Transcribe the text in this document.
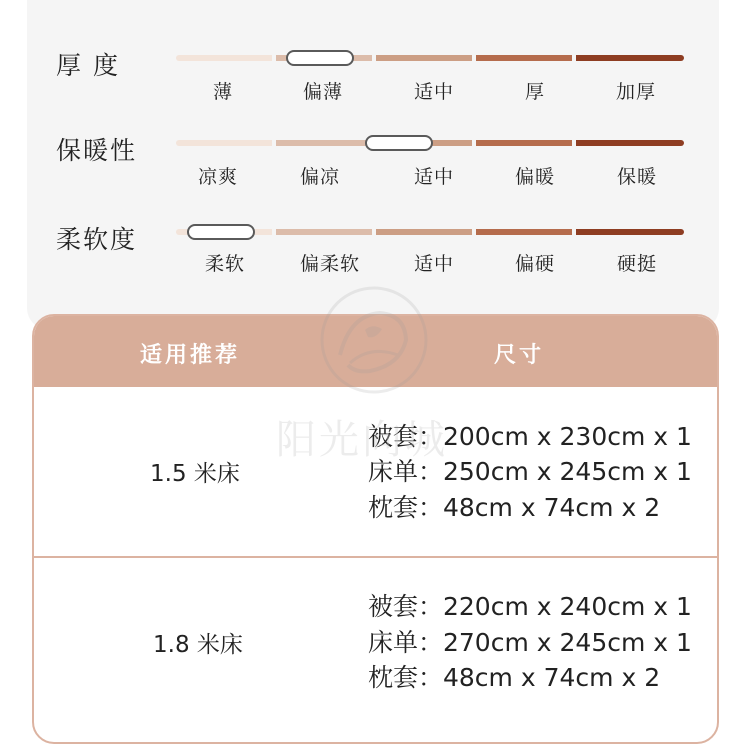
厚 度
薄	偏薄	适中	厚	加厚
保暖性
凉爽	偏凉	适中	偏暖	保暖
柔软度
柔软	偏柔软	适中	偏硬	硬挺
适用推荐	尺寸
1.5 米床
被套：200cm x 230cm x 1
床单：250cm x 245cm x 1
枕套：48cm x 74cm x 2
1.8 米床
被套：220cm x 240cm x 1
床单：270cm x 245cm x 1
枕套：48cm x 74cm x 2
阳光向城
